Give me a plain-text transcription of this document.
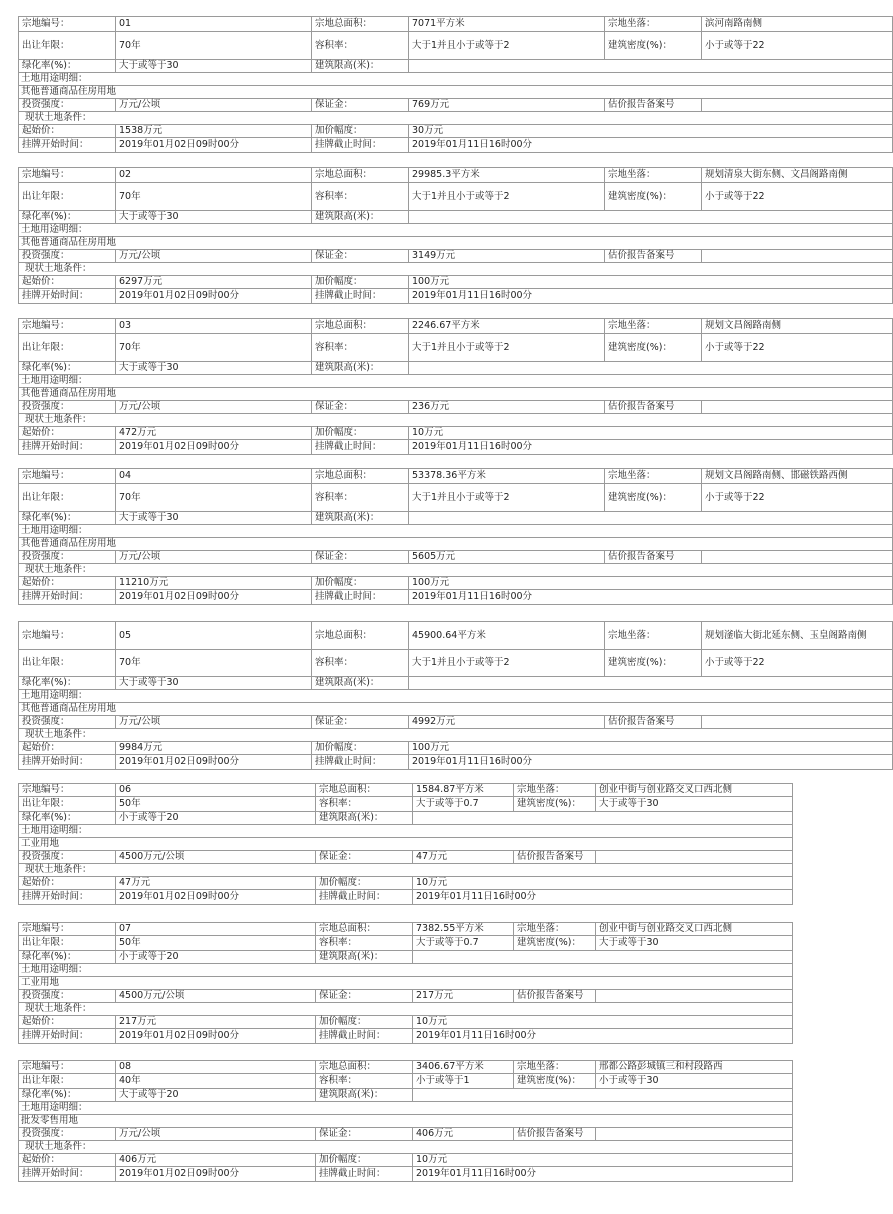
宗地编号：	01	宗地总面积：	7071平方米	宗地坐落：	滨河南路南侧
出让年限：	70年	容积率：	大于1并且小于或等于2	建筑密度(%)：	小于或等于22
绿化率(%)：	大于或等于30	建筑限高(米)：			
土地用途明细：					
其他普通商品住房用地					
投资强度：	万元/公顷	保证金：	769万元	估价报告备案号	
现状土地条件：					
起始价：	1538万元	加价幅度：	30万元		
挂牌开始时间：	2019年01月02日09时00分	挂牌截止时间：	2019年01月11日16时00分		
宗地编号：	02	宗地总面积：	29985.3平方米	宗地坐落：	规划清泉大街东侧、文昌阁路南侧
出让年限：	70年	容积率：	大于1并且小于或等于2	建筑密度(%)：	小于或等于22
绿化率(%)：	大于或等于30	建筑限高(米)：			
土地用途明细：					
其他普通商品住房用地					
投资强度：	万元/公顷	保证金：	3149万元	估价报告备案号	
现状土地条件：					
起始价：	6297万元	加价幅度：	100万元		
挂牌开始时间：	2019年01月02日09时00分	挂牌截止时间：	2019年01月11日16时00分		
宗地编号：	03	宗地总面积：	2246.67平方米	宗地坐落：	规划文昌阁路南侧
出让年限：	70年	容积率：	大于1并且小于或等于2	建筑密度(%)：	小于或等于22
绿化率(%)：	大于或等于30	建筑限高(米)：			
土地用途明细：					
其他普通商品住房用地					
投资强度：	万元/公顷	保证金：	236万元	估价报告备案号	
现状土地条件：					
起始价：	472万元	加价幅度：	10万元		
挂牌开始时间：	2019年01月02日09时00分	挂牌截止时间：	2019年01月11日16时00分		
宗地编号：	04	宗地总面积：	53378.36平方米	宗地坐落：	规划文昌阁路南侧、邯磁铁路西侧
出让年限：	70年	容积率：	大于1并且小于或等于2	建筑密度(%)：	小于或等于22
绿化率(%)：	大于或等于30	建筑限高(米)：			
土地用途明细：					
其他普通商品住房用地					
投资强度：	万元/公顷	保证金：	5605万元	估价报告备案号	
现状土地条件：					
起始价：	11210万元	加价幅度：	100万元		
挂牌开始时间：	2019年01月02日09时00分	挂牌截止时间：	2019年01月11日16时00分		
宗地编号：	05	宗地总面积：	45900.64平方米	宗地坐落：	规划滏临大街北延东侧、玉皇阁路南侧
出让年限：	70年	容积率：	大于1并且小于或等于2	建筑密度(%)：	小于或等于22
绿化率(%)：	大于或等于30	建筑限高(米)：			
土地用途明细：					
其他普通商品住房用地					
投资强度：	万元/公顷	保证金：	4992万元	估价报告备案号	
现状土地条件：					
起始价：	9984万元	加价幅度：	100万元		
挂牌开始时间：	2019年01月02日09时00分	挂牌截止时间：	2019年01月11日16时00分		
宗地编号：	06	宗地总面积：	1584.87平方米	宗地坐落：	创业中街与创业路交叉口西北侧
出让年限：	50年	容积率：	大于或等于0.7	建筑密度(%)：	大于或等于30
绿化率(%)：	小于或等于20	建筑限高(米)：			
土地用途明细：					
工业用地					
投资强度：	4500万元/公顷	保证金：	47万元	估价报告备案号	
现状土地条件：					
起始价：	47万元	加价幅度：	10万元		
挂牌开始时间：	2019年01月02日09时00分	挂牌截止时间：	2019年01月11日16时00分		
宗地编号：	07	宗地总面积：	7382.55平方米	宗地坐落：	创业中街与创业路交叉口西北侧
出让年限：	50年	容积率：	大于或等于0.7	建筑密度(%)：	大于或等于30
绿化率(%)：	小于或等于20	建筑限高(米)：			
土地用途明细：					
工业用地					
投资强度：	4500万元/公顷	保证金：	217万元	估价报告备案号	
现状土地条件：					
起始价：	217万元	加价幅度：	10万元		
挂牌开始时间：	2019年01月02日09时00分	挂牌截止时间：	2019年01月11日16时00分		
宗地编号：	08	宗地总面积：	3406.67平方米	宗地坐落：	邢都公路彭城镇三和村段路西
出让年限：	40年	容积率：	小于或等于1	建筑密度(%)：	小于或等于30
绿化率(%)：	大于或等于20	建筑限高(米)：			
土地用途明细：					
批发零售用地					
投资强度：	万元/公顷	保证金：	406万元	估价报告备案号	
现状土地条件：					
起始价：	406万元	加价幅度：	10万元		
挂牌开始时间：	2019年01月02日09时00分	挂牌截止时间：	2019年01月11日16时00分		
